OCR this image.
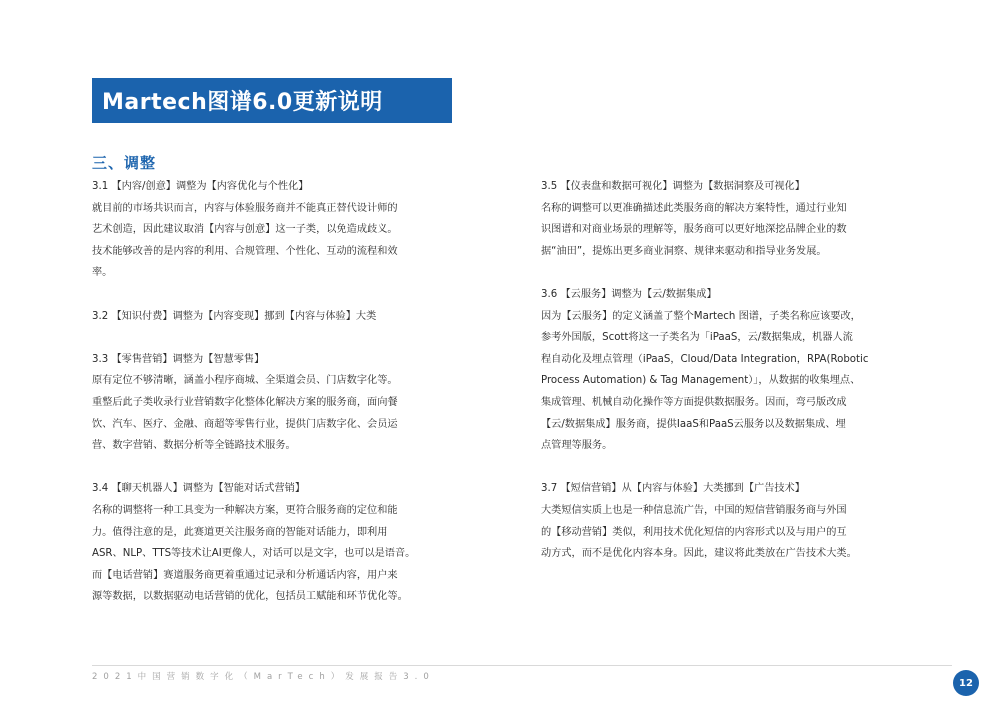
Martech图谱6.0更新说明
三、调整
3.1 【内容/创意】调整为【内容优化与个性化】
就目前的市场共识而言，内容与体验服务商并不能真正替代设计师的
艺术创造，因此建议取消【内容与创意】这一子类，以免造成歧义。
技术能够改善的是内容的利用、合规管理、个性化、互动的流程和效
率。
3.2 【知识付费】调整为【内容变现】挪到【内容与体验】大类
3.3 【零售营销】调整为【智慧零售】
原有定位不够清晰，涵盖小程序商城、全渠道会员、门店数字化等。
重整后此子类收录行业营销数字化整体化解决方案的服务商，面向餐
饮、汽车、医疗、金融、商超等零售行业，提供门店数字化、会员运
营、数字营销、数据分析等全链路技术服务。
3.4 【聊天机器人】调整为【智能对话式营销】
名称的调整将一种工具变为一种解决方案，更符合服务商的定位和能
力。值得注意的是，此赛道更关注服务商的智能对话能力，即利用
ASR、NLP、TTS等技术让AI更像人，对话可以是文字，也可以是语音。
而【电话营销】赛道服务商更着重通过记录和分析通话内容，用户来
源等数据，以数据驱动电话营销的优化，包括员工赋能和环节优化等。
3.5 【仪表盘和数据可视化】调整为【数据洞察及可视化】
名称的调整可以更准确描述此类服务商的解决方案特性，通过行业知
识图谱和对商业场景的理解等，服务商可以更好地深挖品牌企业的数
据“油田”，提炼出更多商业洞察、规律来驱动和指导业务发展。
3.6 【云服务】调整为【云/数据集成】
因为【云服务】的定义涵盖了整个Martech 图谱，子类名称应该要改，
参考外国版，Scott将这一子类名为「iPaaS，云/数据集成，机器人流
程自动化及埋点管理（iPaaS，Cloud/Data Integration，RPA(Robotic
Process Automation) & Tag Management）」，从数据的收集埋点、
集成管理、机械自动化操作等方面提供数据服务。因而，弯弓版改成
【云/数据集成】服务商，提供IaaS和PaaS云服务以及数据集成、埋
点管理等服务。
3.7 【短信营销】从【内容与体验】大类挪到【广告技术】
大类短信实质上也是一种信息流广告，中国的短信营销服务商与外国
的【移动营销】类似，利用技术优化短信的内容形式以及与用户的互
动方式，而不是优化内容本身。因此，建议将此类放在广告技术大类。
2021中国营销数字化（MarTech）发展报告3.0
12
